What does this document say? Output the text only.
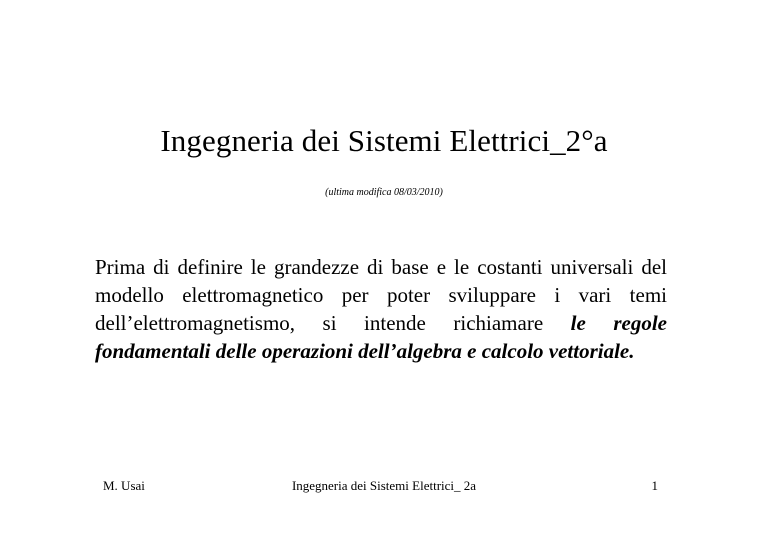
Ingegneria dei Sistemi Elettrici_2°a
(ultima modifica 08/03/2010)
Prima di definire le grandezze di base e le costanti universali del modello elettromagnetico per poter sviluppare i vari temi dell’elettromagnetismo, si intende richiamare le regole fondamentali delle operazioni dell’algebra e calcolo vettoriale.
M. Usai	Ingegneria dei Sistemi Elettrici_ 2a	1
